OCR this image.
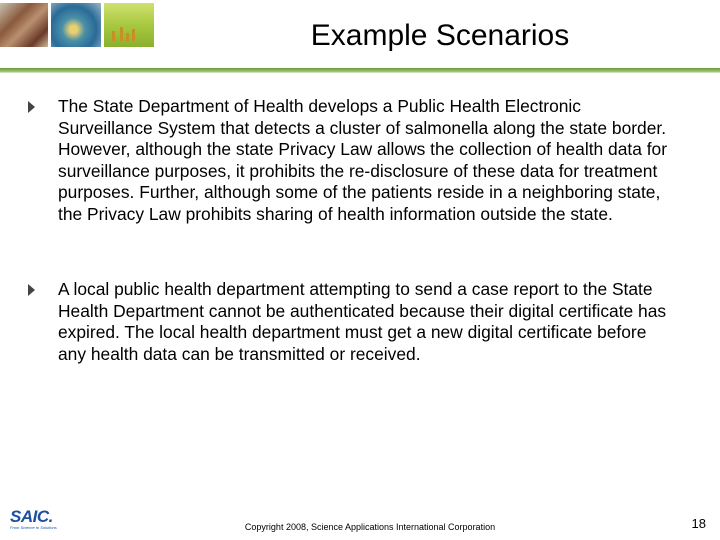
Example Scenarios
The State Department of Health develops a Public Health Electronic Surveillance System that detects a cluster of salmonella along the state border. However, although the state Privacy Law allows the collection of health data for surveillance purposes, it prohibits the re-disclosure of these data for treatment purposes. Further, although some of the patients reside in a neighboring state, the Privacy Law prohibits sharing of health information outside the state.
A local public health department attempting to send a case report to the State Health Department cannot be authenticated because their digital certificate has expired. The local health department must get a new digital certificate before any health data can be transmitted or received.
SAIC.
From Science to Solutions	Copyright 2008, Science Applications International Corporation	18
